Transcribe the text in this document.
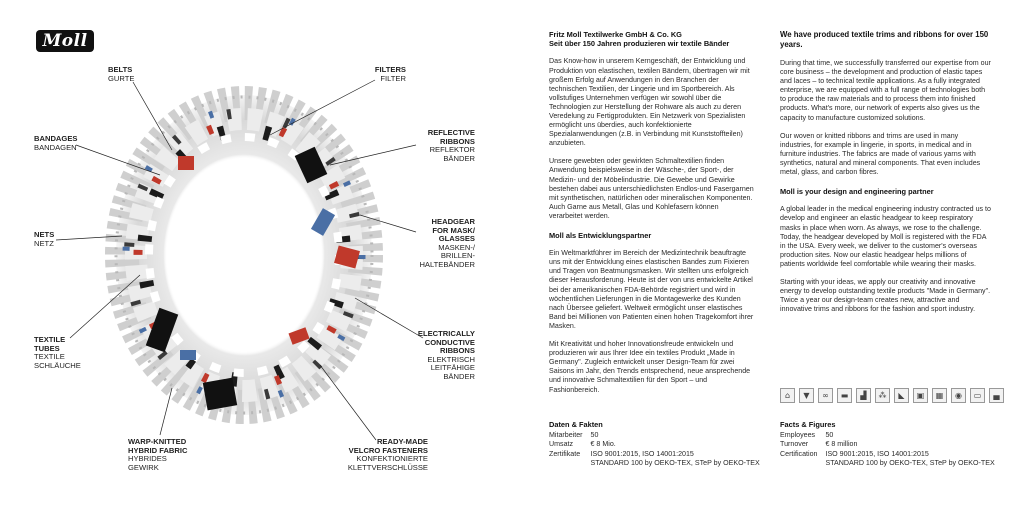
Moll
BELTS
GURTE
FILTERS
FILTER
BANDAGES
BANDAGEN
REFLECTIVE
RIBBONS
REFLEKTOR
BÄNDER
NETS
NETZ
HEADGEAR
FOR MASK/
GLASSES
MASKEN-/
BRILLEN-
HALTEBÄNDER
TEXTILE
TUBES
TEXTILE
SCHLÄUCHE
ELECTRICALLY
CONDUCTIVE
RIBBONS
ELEKTRISCH
LEITFÄHIGE
BÄNDER
WARP-KNITTED
HYBRID FABRIC
HYBRIDES
GEWIRK
READY-MADE
VELCRO FASTENERS
KONFEKTIONIERTE
KLETTVERSCHLÜSSE
Fritz Moll Textilwerke GmbH & Co. KG
Seit über 150 Jahren produzieren wir textile Bänder

Das Know-how in unserem Kerngeschäft, der Entwicklung und Produktion von elastischen, textilen Bändern, übertragen wir mit großem Erfolg auf Anwendungen in den Branchen der technischen Textilien, der Lingerie und im Sportbereich. Als vollstufiges Unternehmen verfügen wir sowohl über die Technologien zur Herstellung der Rohware als auch zu deren Veredelung zu Fertigprodukten. Ein Netzwerk von Spezialisten ermöglicht uns überdies, auch konfektionierte Spezialanwendungen (z.B. in Verbindung mit Kunststoffteilen) anzubieten.

Unsere gewebten oder gewirkten Schmaltextilien finden Anwendung beispielsweise in der Wäsche-, der Sport-, der Medizin- und der Möbelindustrie. Die Gewebe und Gewirke bestehen dabei aus unterschiedlichsten Endlos-und Fasergarnen mit synthetischen, natürlichen oder mineralischen Komponenten. Auch Garne aus Metall, Glas und Kohlefasern können verarbeitet werden.

Moll als Entwicklungspartner

Ein Weltmarktführer im Bereich der Medizintechnik beauftragte uns mit der Entwicklung eines elastischen Bandes zum Fixieren und Tragen von Beatmungsmasken. Wir stellten uns erfolgreich dieser Herausforderung. Heute ist der von uns entwickelte Artikel bei der amerikanischen FDA-Behörde registriert und wird in wöchentlichen Lieferungen in die Montagewerke des Kunden nach Übersee geliefert. Weltweit ermöglicht unser elastisches Band bei Millionen von Patienten einen hohen Tragekomfort ihrer Masken.

Mit Kreativität und hoher Innovationsfreude entwickeln und produzieren wir aus Ihrer Idee ein textiles Produkt „Made in Germany". Zugleich entwickelt unser Design-Team für zwei Saisons im Jahr, den Trends entsprechend, neue ansprechende und innovative Schmaltextilien für den Sport – und Fashionbereich.

We have produced textile trims and ribbons for over 150 years.

During that time, we successfully transferred our expertise from our core business – the development and production of elastic tapes and laces – to technical textile applications. As a fully integrated enterprise, we are equipped with a full range of technologies both to produce the raw materials and to process them into finished products. What's more, our network of experts also gives us the capacity to manufacture customized solutions.

Our woven or knitted ribbons and trims are used in many industries, for example in lingerie, in sports, in medical and in furniture industries. The fabrics are made of various yarns with synthetics, natural and mineral components. That even includes metal, glass, and carbon fibres.

Moll is your design and engineering partner

A global leader in the medical engineering industry contracted us to develop and engineer an elastic headgear to keep respiratory masks in place when worn. As always, we rose to the challenge. Today, the headgear developed by Moll is registered with the FDA in the USA. Every week, we deliver to the customer's overseas production sites. Now our elastic headgear helps millions of patients worldwide feel comfortable while wearing their masks.

Starting with your ideas, we apply our creativity and innovative energy to develop outstanding textile products "Made in Germany". Twice a year our design-team creates new, attractive and innovative trims and ribbons for the fashion and sport industry.

⌂	▼	∞	▬	▟	⁂	◣	▣	▦	◉	▭	▄
Daten & Fakten
Mitarbeiter	50
Umsatz	€ 8 Mio.
Zertifikate	ISO 9001:2015, ISO 14001:2015
	STANDARD 100 by OEKO-TEX, STeP by OEKO-TEX
Facts & Figures
Employees	50
Turnover	€ 8 million
Certification	ISO 9001:2015, ISO 14001:2015
	STANDARD 100 by OEKO-TEX, STeP by OEKO-TEX
